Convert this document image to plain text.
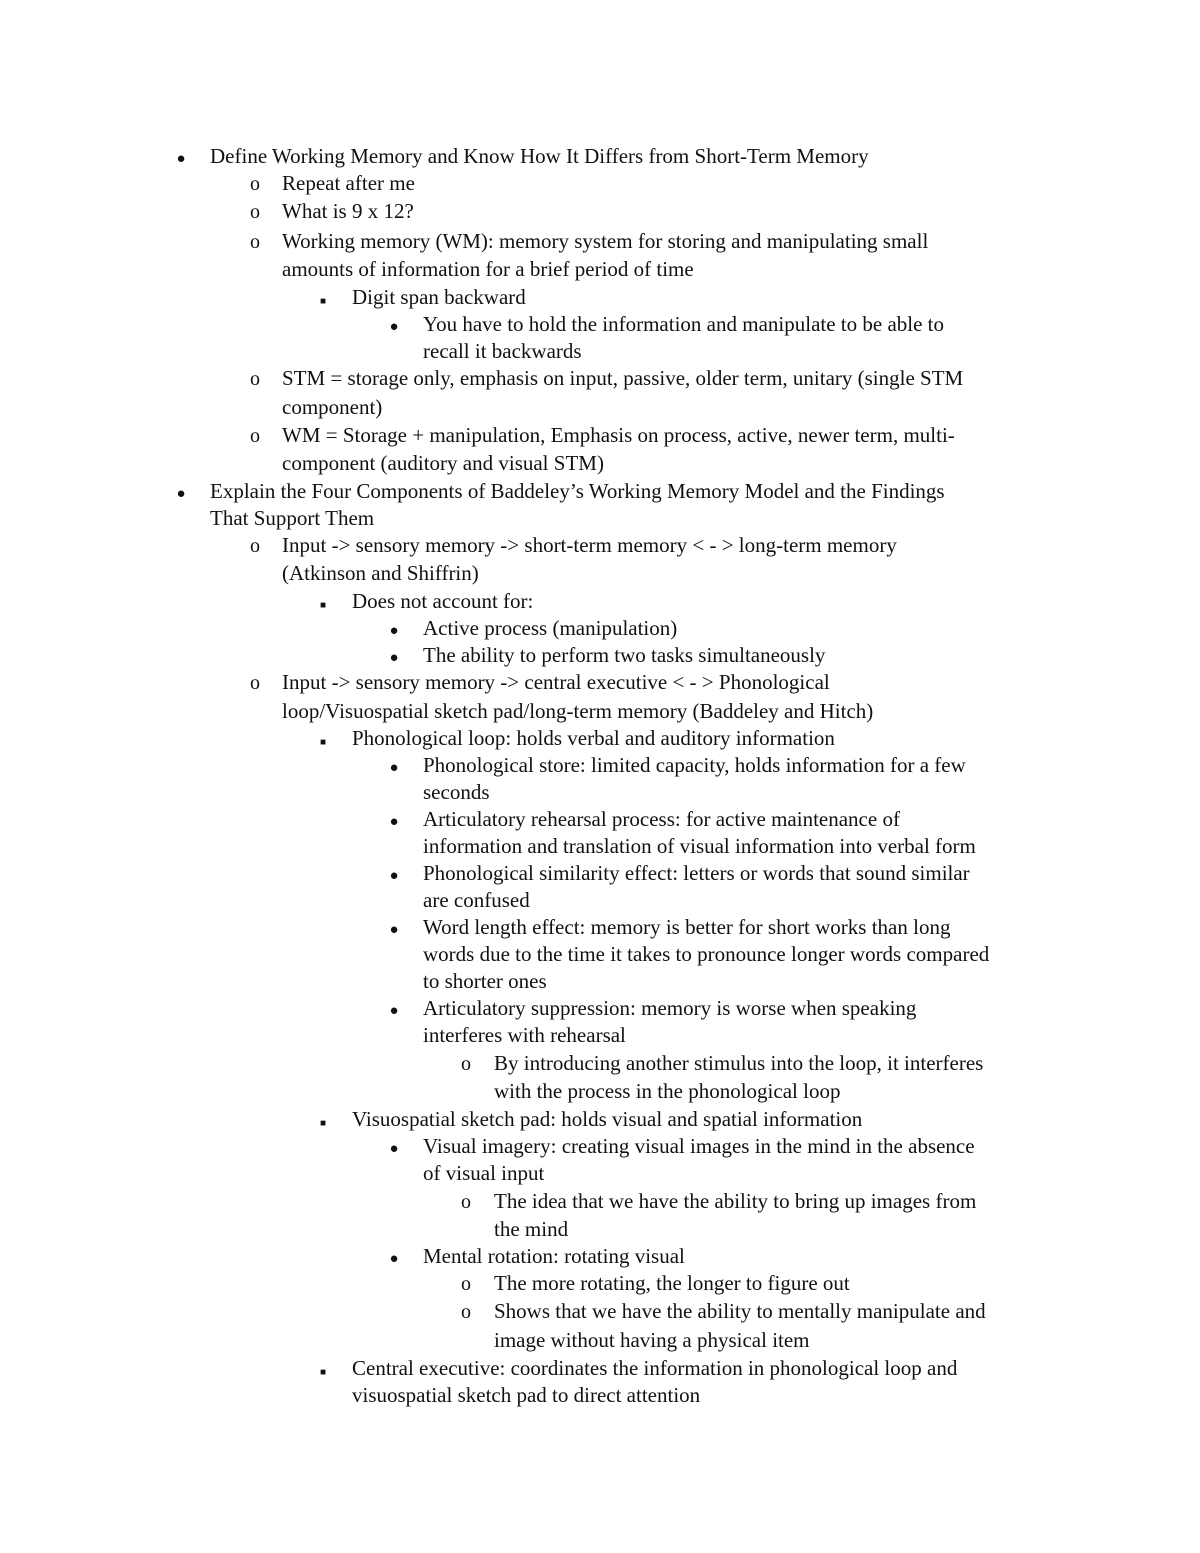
● Define Working Memory and Know How It Differs from Short-Term Memory
o Repeat after me
o What is 9 x 12?
o Working memory (WM): memory system for storing and manipulating small
amounts of information for a brief period of time
■	Digit span backward
● You have to hold the information and manipulate to be able to
recall it backwards
o STM = storage only, emphasis on input, passive, older term, unitary (single STM
component)
o WM = Storage + manipulation, Emphasis on process, active, newer term, multi-
component (auditory and visual STM)
● Explain the Four Components of Baddeley’s Working Memory Model and the Findings
That Support Them
o Input -> sensory memory -> short-term memory < - > long-term memory
(Atkinson and Shiffrin)
■	Does not account for:
● Active process (manipulation)
● The ability to perform two tasks simultaneously
o Input -> sensory memory -> central executive < - > Phonological
loop/Visuospatial sketch pad/long-term memory (Baddeley and Hitch)
■	Phonological loop: holds verbal and auditory information
● Phonological store: limited capacity, holds information for a few
seconds
● Articulatory rehearsal process: for active maintenance of
information and translation of visual information into verbal form
● Phonological similarity effect: letters or words that sound similar
are confused
● Word length effect: memory is better for short works than long
words due to the time it takes to pronounce longer words compared
to shorter ones
● Articulatory suppression: memory is worse when speaking
interferes with rehearsal
o By introducing another stimulus into the loop, it interferes
with the process in the phonological loop
■	Visuospatial sketch pad: holds visual and spatial information
● Visual imagery: creating visual images in the mind in the absence
of visual input
o The idea that we have the ability to bring up images from
the mind
● Mental rotation: rotating visual
o The more rotating, the longer to figure out
o Shows that we have the ability to mentally manipulate and
image without having a physical item
■	Central executive: coordinates the information in phonological loop and
visuospatial sketch pad to direct attention
